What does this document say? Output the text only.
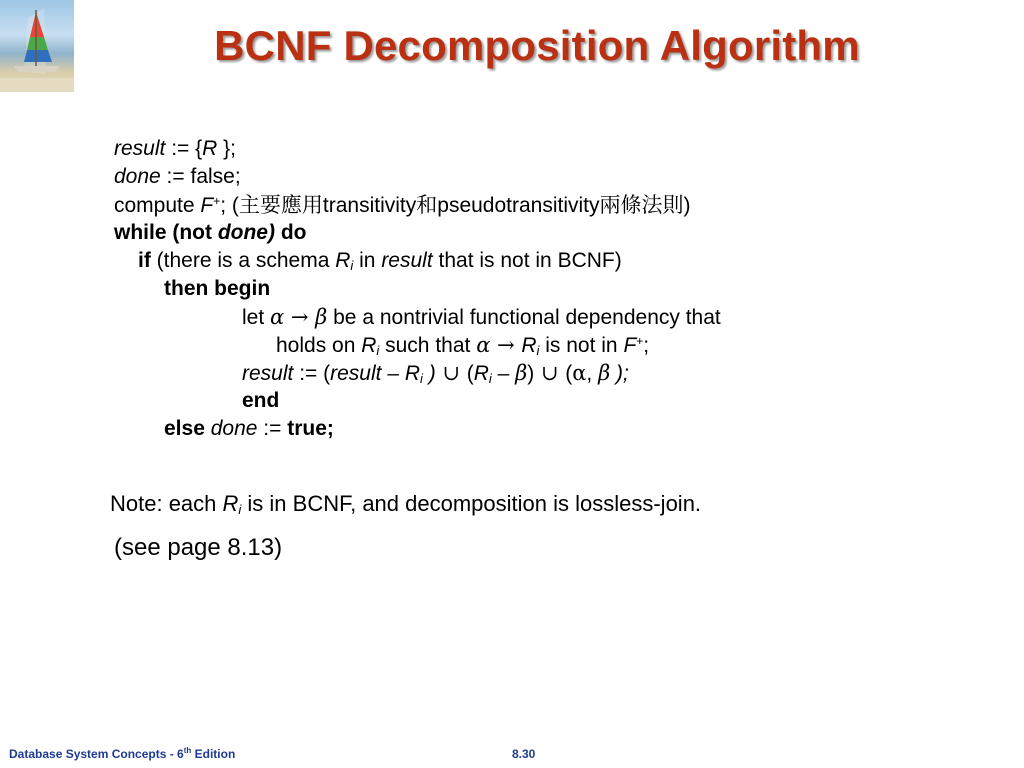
BCNF Decomposition Algorithm
result := {R };
done := false;
compute F+; (主要應用transitivity和pseudotransitivity兩條法則)
while (not done) do
if (there is a schema $R_i$ in result that is not in BCNF)
then begin
let α → β be a nontrivial functional dependency that
holds on $R_i$ such that $\alpha \to R_i$ is not in F+;
result := (result – $R_i$ ) ∪ $(R_i - \beta)$ ∪ (α, β );
end
else done := true;
Note: each $R_i$ is in BCNF, and decomposition is lossless-join.
(see page 8.13)
Database System Concepts - 6th Edition	8.30
